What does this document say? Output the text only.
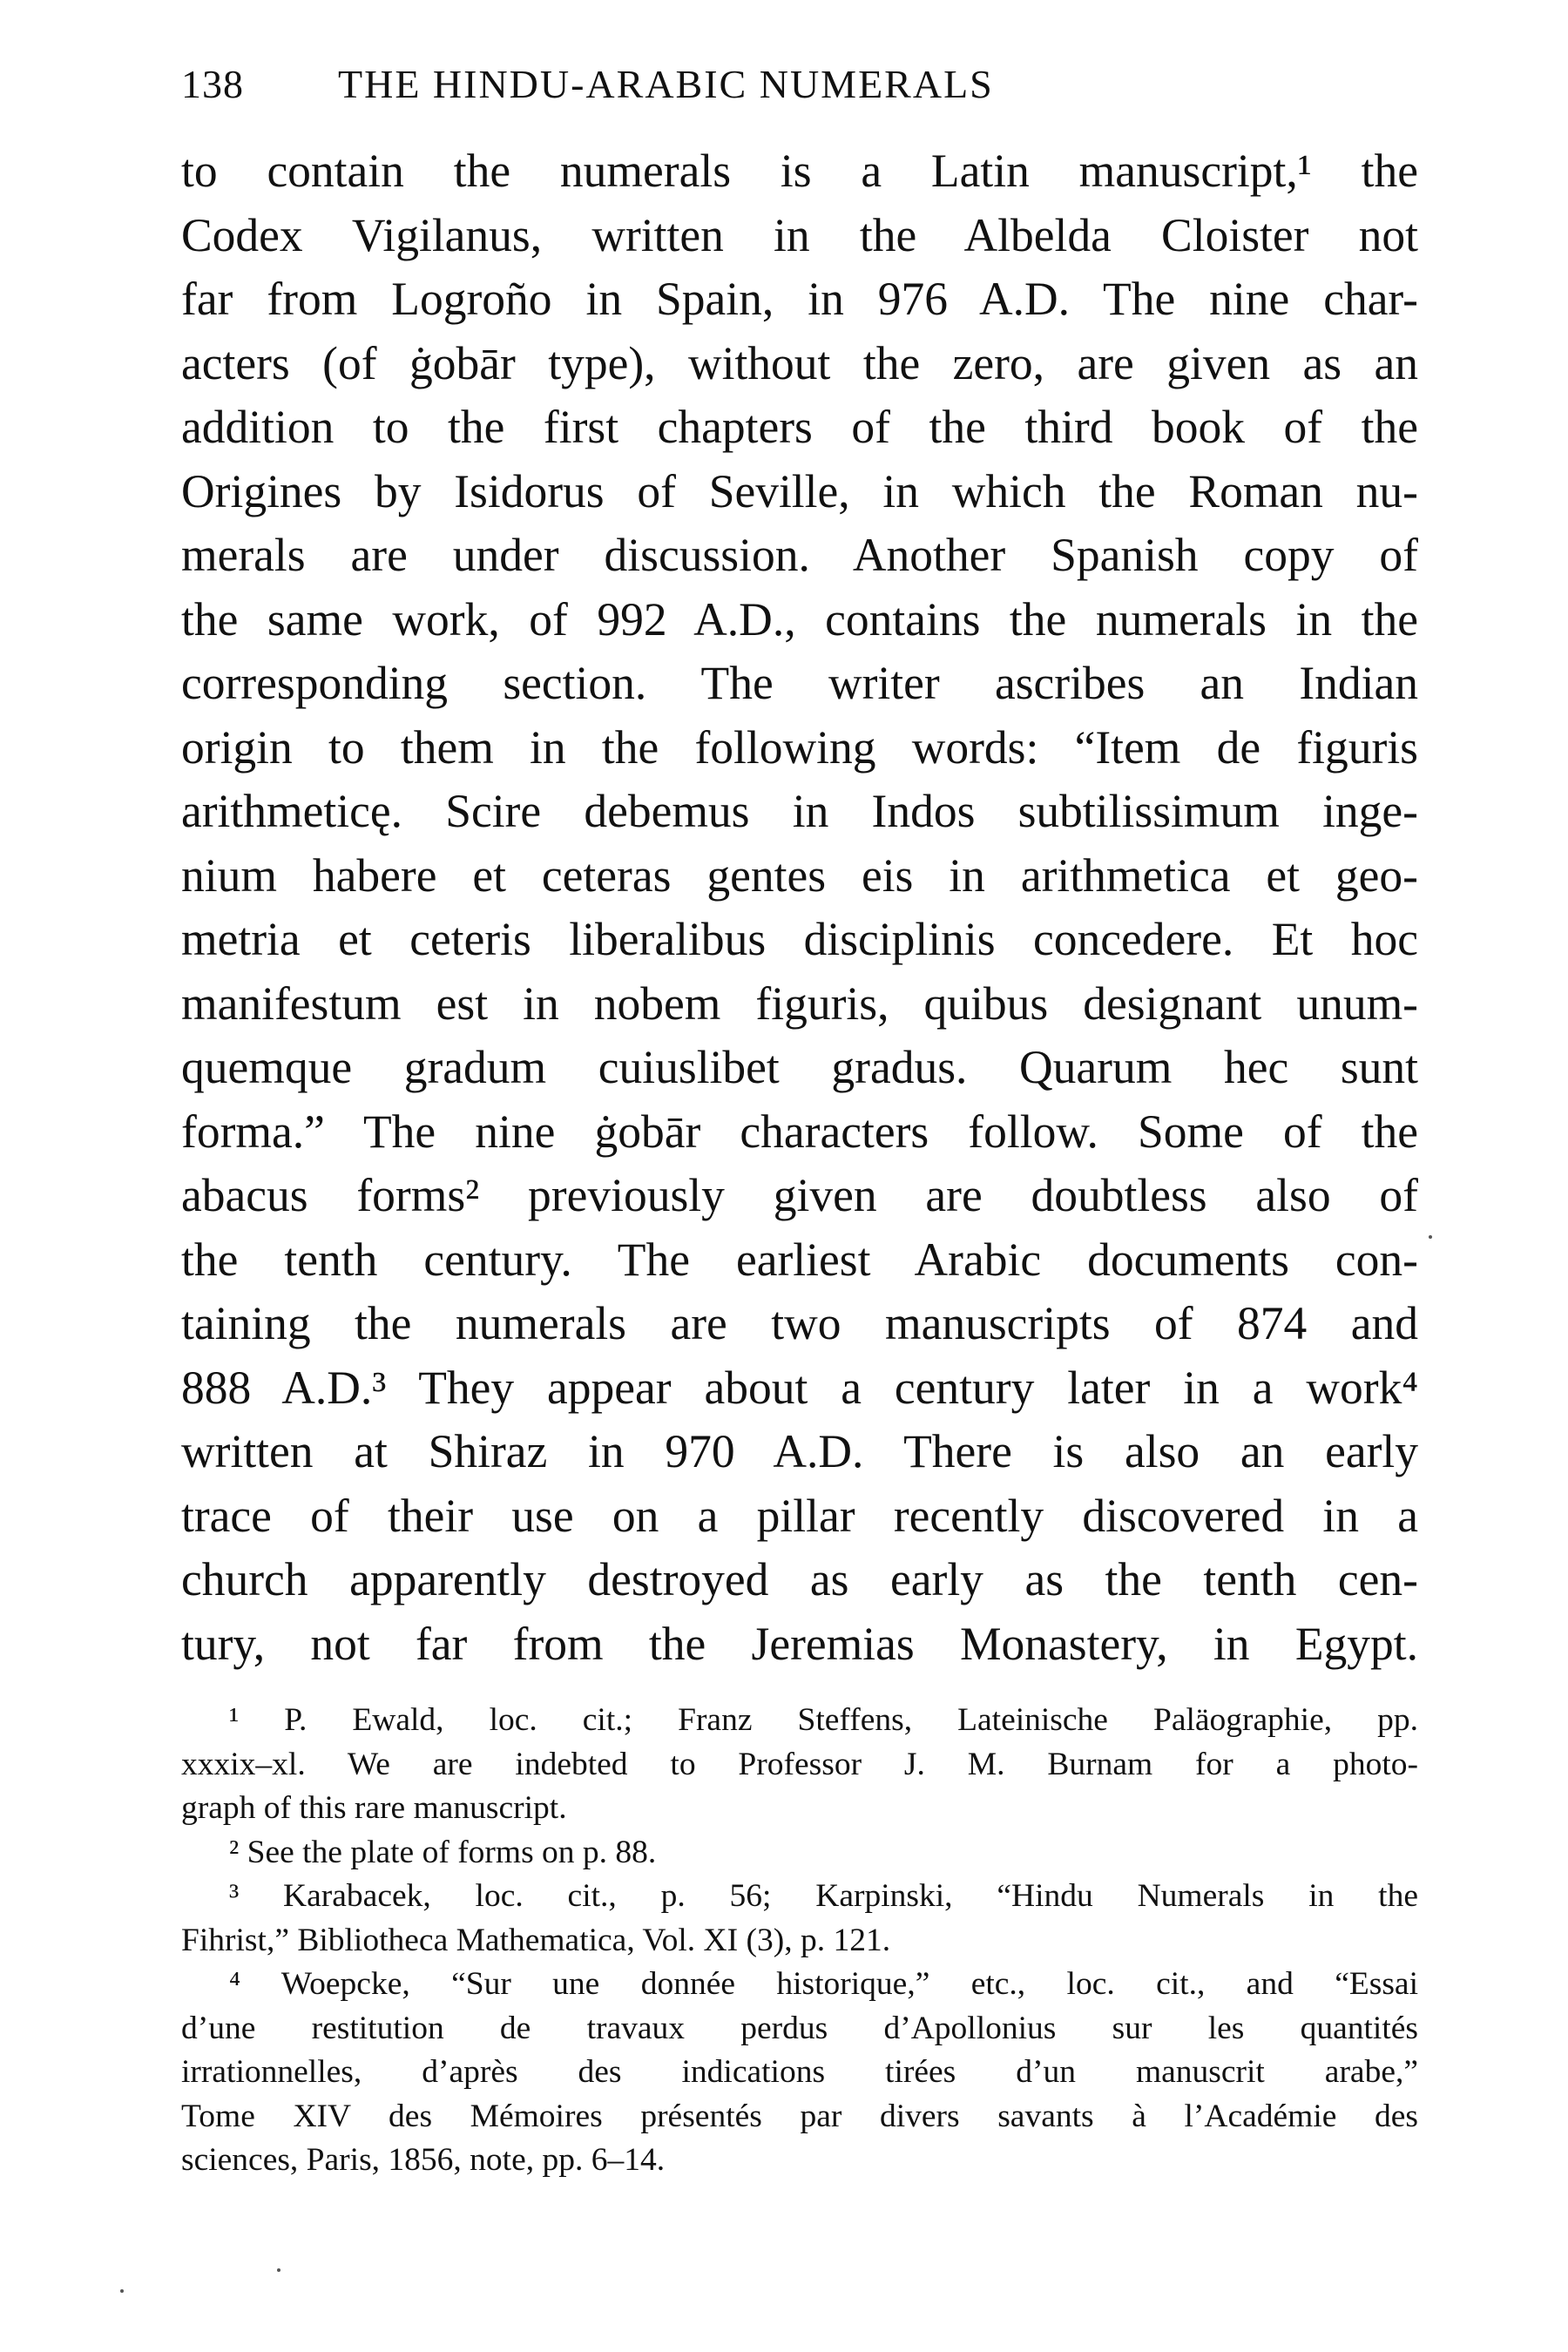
138	THE HINDU-ARABIC NUMERALS
to contain the numerals is a Latin manuscript,¹ the
Codex Vigilanus, written in the Albelda Cloister not
far from Logroño in Spain, in 976 A.D. The nine char-
acters (of ġobār type), without the zero, are given as an
addition to the first chapters of the third book of the
Origines by Isidorus of Seville, in which the Roman nu-
merals are under discussion. Another Spanish copy of
the same work, of 992 A.D., contains the numerals in the
corresponding section. The writer ascribes an Indian
origin to them in the following words: “Item de figuris
arithmeticę. Scire debemus in Indos subtilissimum inge-
nium habere et ceteras gentes eis in arithmetica et geo-
metria et ceteris liberalibus disciplinis concedere. Et hoc
manifestum est in nobem figuris, quibus designant unum-
quemque gradum cuiuslibet gradus. Quarum hec sunt
forma.” The nine ġobār characters follow. Some of the
abacus forms² previously given are doubtless also of
the tenth century. The earliest Arabic documents con-
taining the numerals are two manuscripts of 874 and
888 A.D.³ They appear about a century later in a work⁴
written at Shiraz in 970 A.D. There is also an early
trace of their use on a pillar recently discovered in a
church apparently destroyed as early as the tenth cen-
tury, not far from the Jeremias Monastery, in Egypt.
¹ P. Ewald, loc. cit.; Franz Steffens, Lateinische Paläographie, pp.
xxxix–xl. We are indebted to Professor J. M. Burnam for a photo-
graph of this rare manuscript.
² See the plate of forms on p. 88.
³ Karabacek, loc. cit., p. 56; Karpinski, “Hindu Numerals in the
Fihrist,” Bibliotheca Mathematica, Vol. XI (3), p. 121.
⁴ Woepcke, “Sur une donnée historique,” etc., loc. cit., and “Essai
d’une restitution de travaux perdus d’Apollonius sur les quantités
irrationnelles, d’après des indications tirées d’un manuscrit arabe,”
Tome XIV des Mémoires présentés par divers savants à l’Académie des
sciences, Paris, 1856, note, pp. 6–14.
